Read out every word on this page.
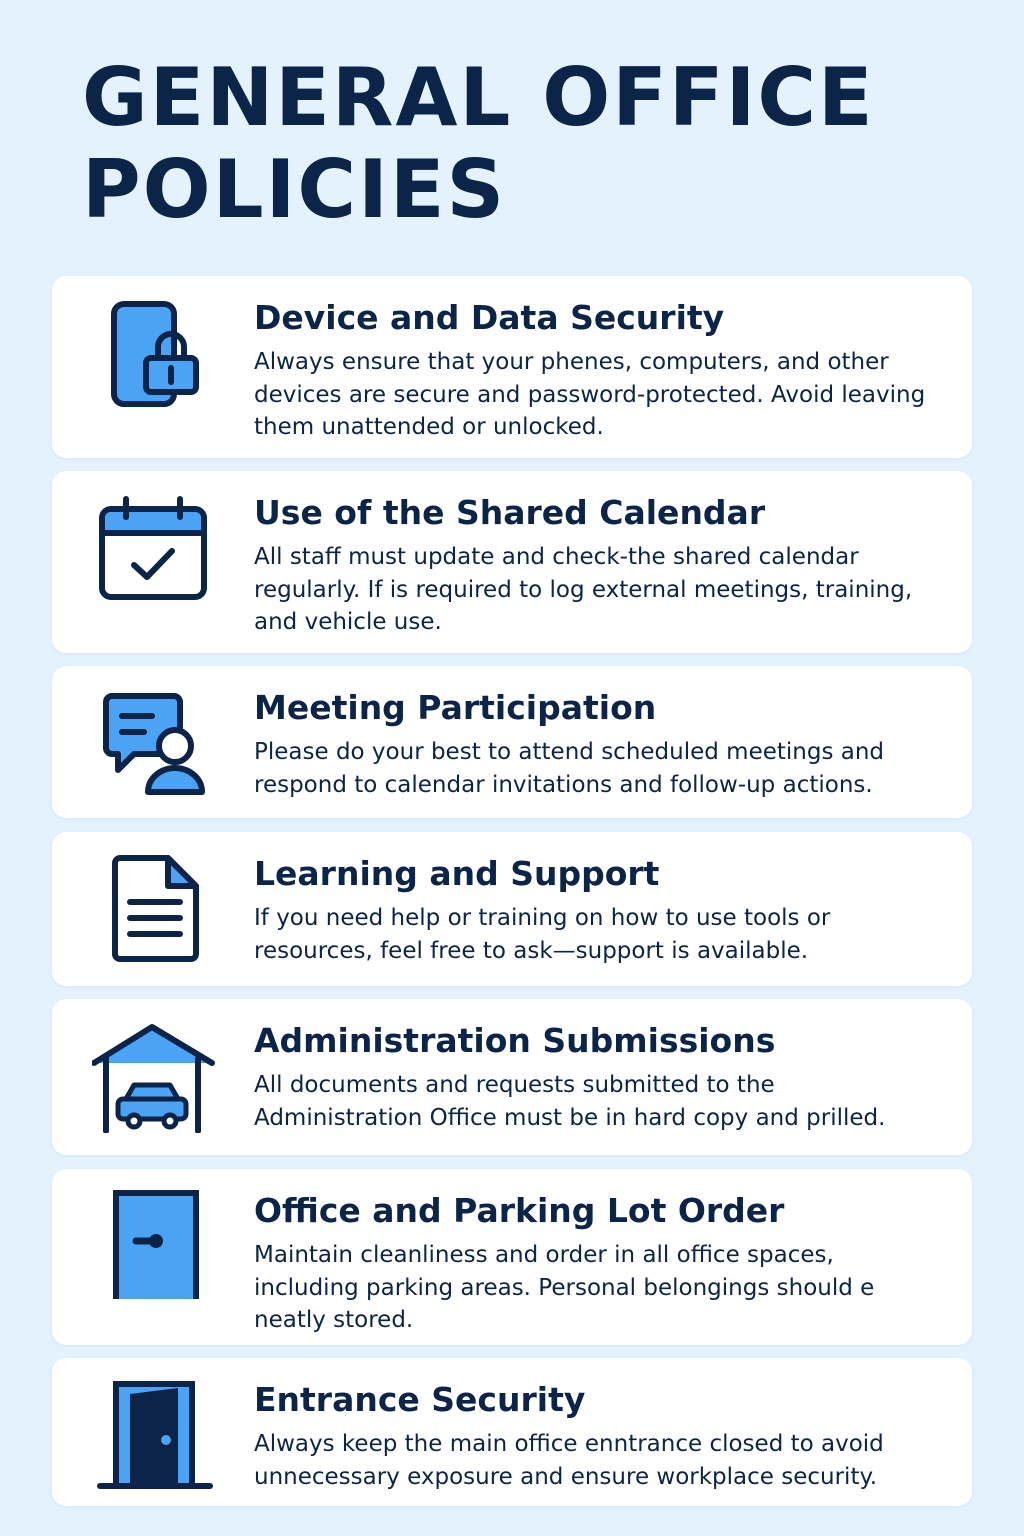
GENERAL OFFICE POLICIES
Device and Data Security

Always ensure that your phenes, computers, and other devices are secure and password-protected. Avoid leaving them unattended or unlocked.

Use of the Shared Calendar

All staff must update and check-the shared calendar regularly. If is required to log external meetings, training, and vehicle use.

Meeting Participation

Please do your best to attend scheduled meetings and respond to calendar invitations and follow-up actions.

Learning and Support

If you need help or training on how to use tools or resources, feel free to ask—support is available.

Administration Submissions

All documents and requests submitted to the Administration Office must be in hard copy and prilled.

Office and Parking Lot Order

Maintain cleanliness and order in all office spaces, including parking areas. Personal belongings should e neatly stored.

Entrance Security

Always keep the main office enntrance closed to avoid unnecessary exposure and ensure workplace security.
